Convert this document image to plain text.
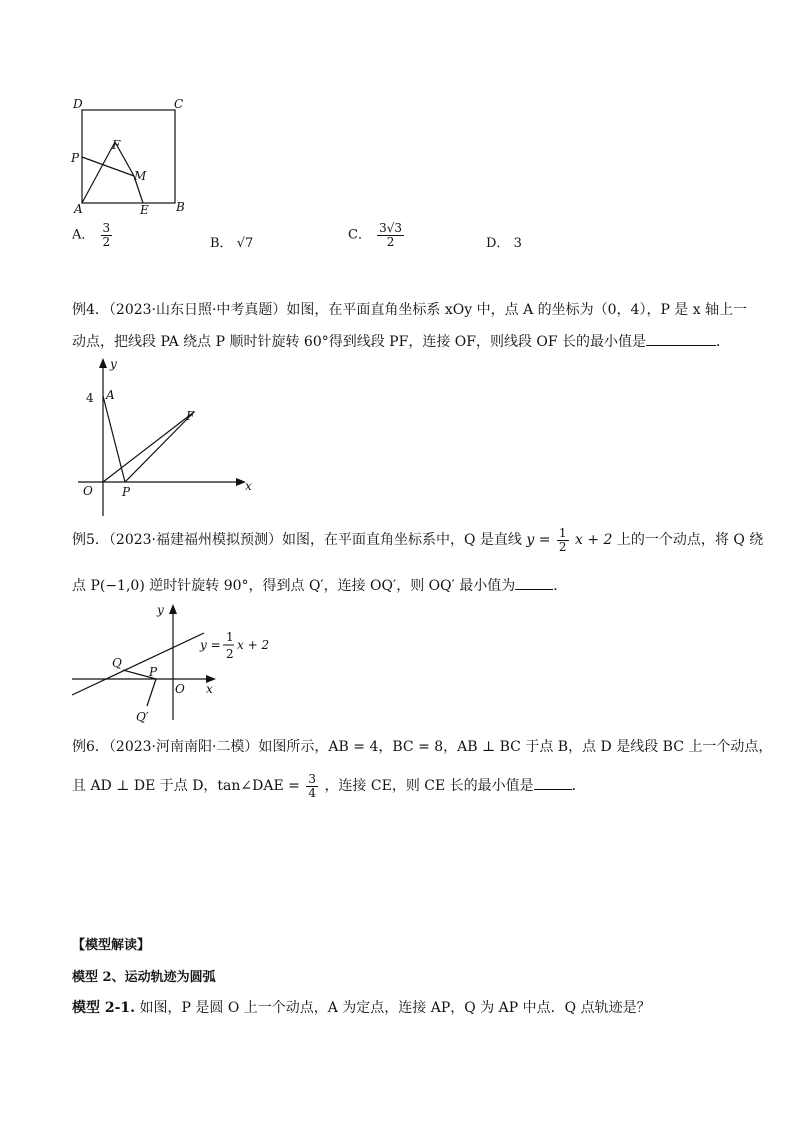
D	C
P
F
M
A	E B
A． $\frac{3}{2}$	B． √7
C． $\frac{3√3}{2}$	D． 3
例4．（2023·山东日照·中考真题）如图，在平面直角坐标系 xOy 中，点 A 的坐标为（0，4），P 是 x 轴上一
动点，把线段 PA 绕点 P 顺时针旋转 60°得到线段 PF，连接 OF，则线段 OF 长的最小值是	．
y
4 A
F
O P	x
例5．（2023·福建福州模拟预测）如图，在平面直角坐标系中，Q 是直线 $y = \frac{1}{2}$ x + 2 上的一个动点，将 Q 绕
点 P(−1,0) 逆时针旋转 90°，得到点 Q′，连接 OQ′，则 OQ′ 最小值为	．
y
y =
1
2
x + 2
Q
P
O x
Q′
例6．（2023·河南南阳·二模）如图所示，AB = 4，BC = 8，AB ⊥ BC 于点 B，点 D 是线段 BC 上一个动点，
且 AD ⊥ DE 于点 D，tan∠DAE = $\frac{3}{4}$ ，连接 CE，则 CE 长的最小值是	．
【模型解读】
模型 2、运动轨迹为圆弧
模型 2-1. 如图，P 是圆 O 上一个动点，A 为定点，连接 AP，Q 为 AP 中点．Q 点轨迹是？
